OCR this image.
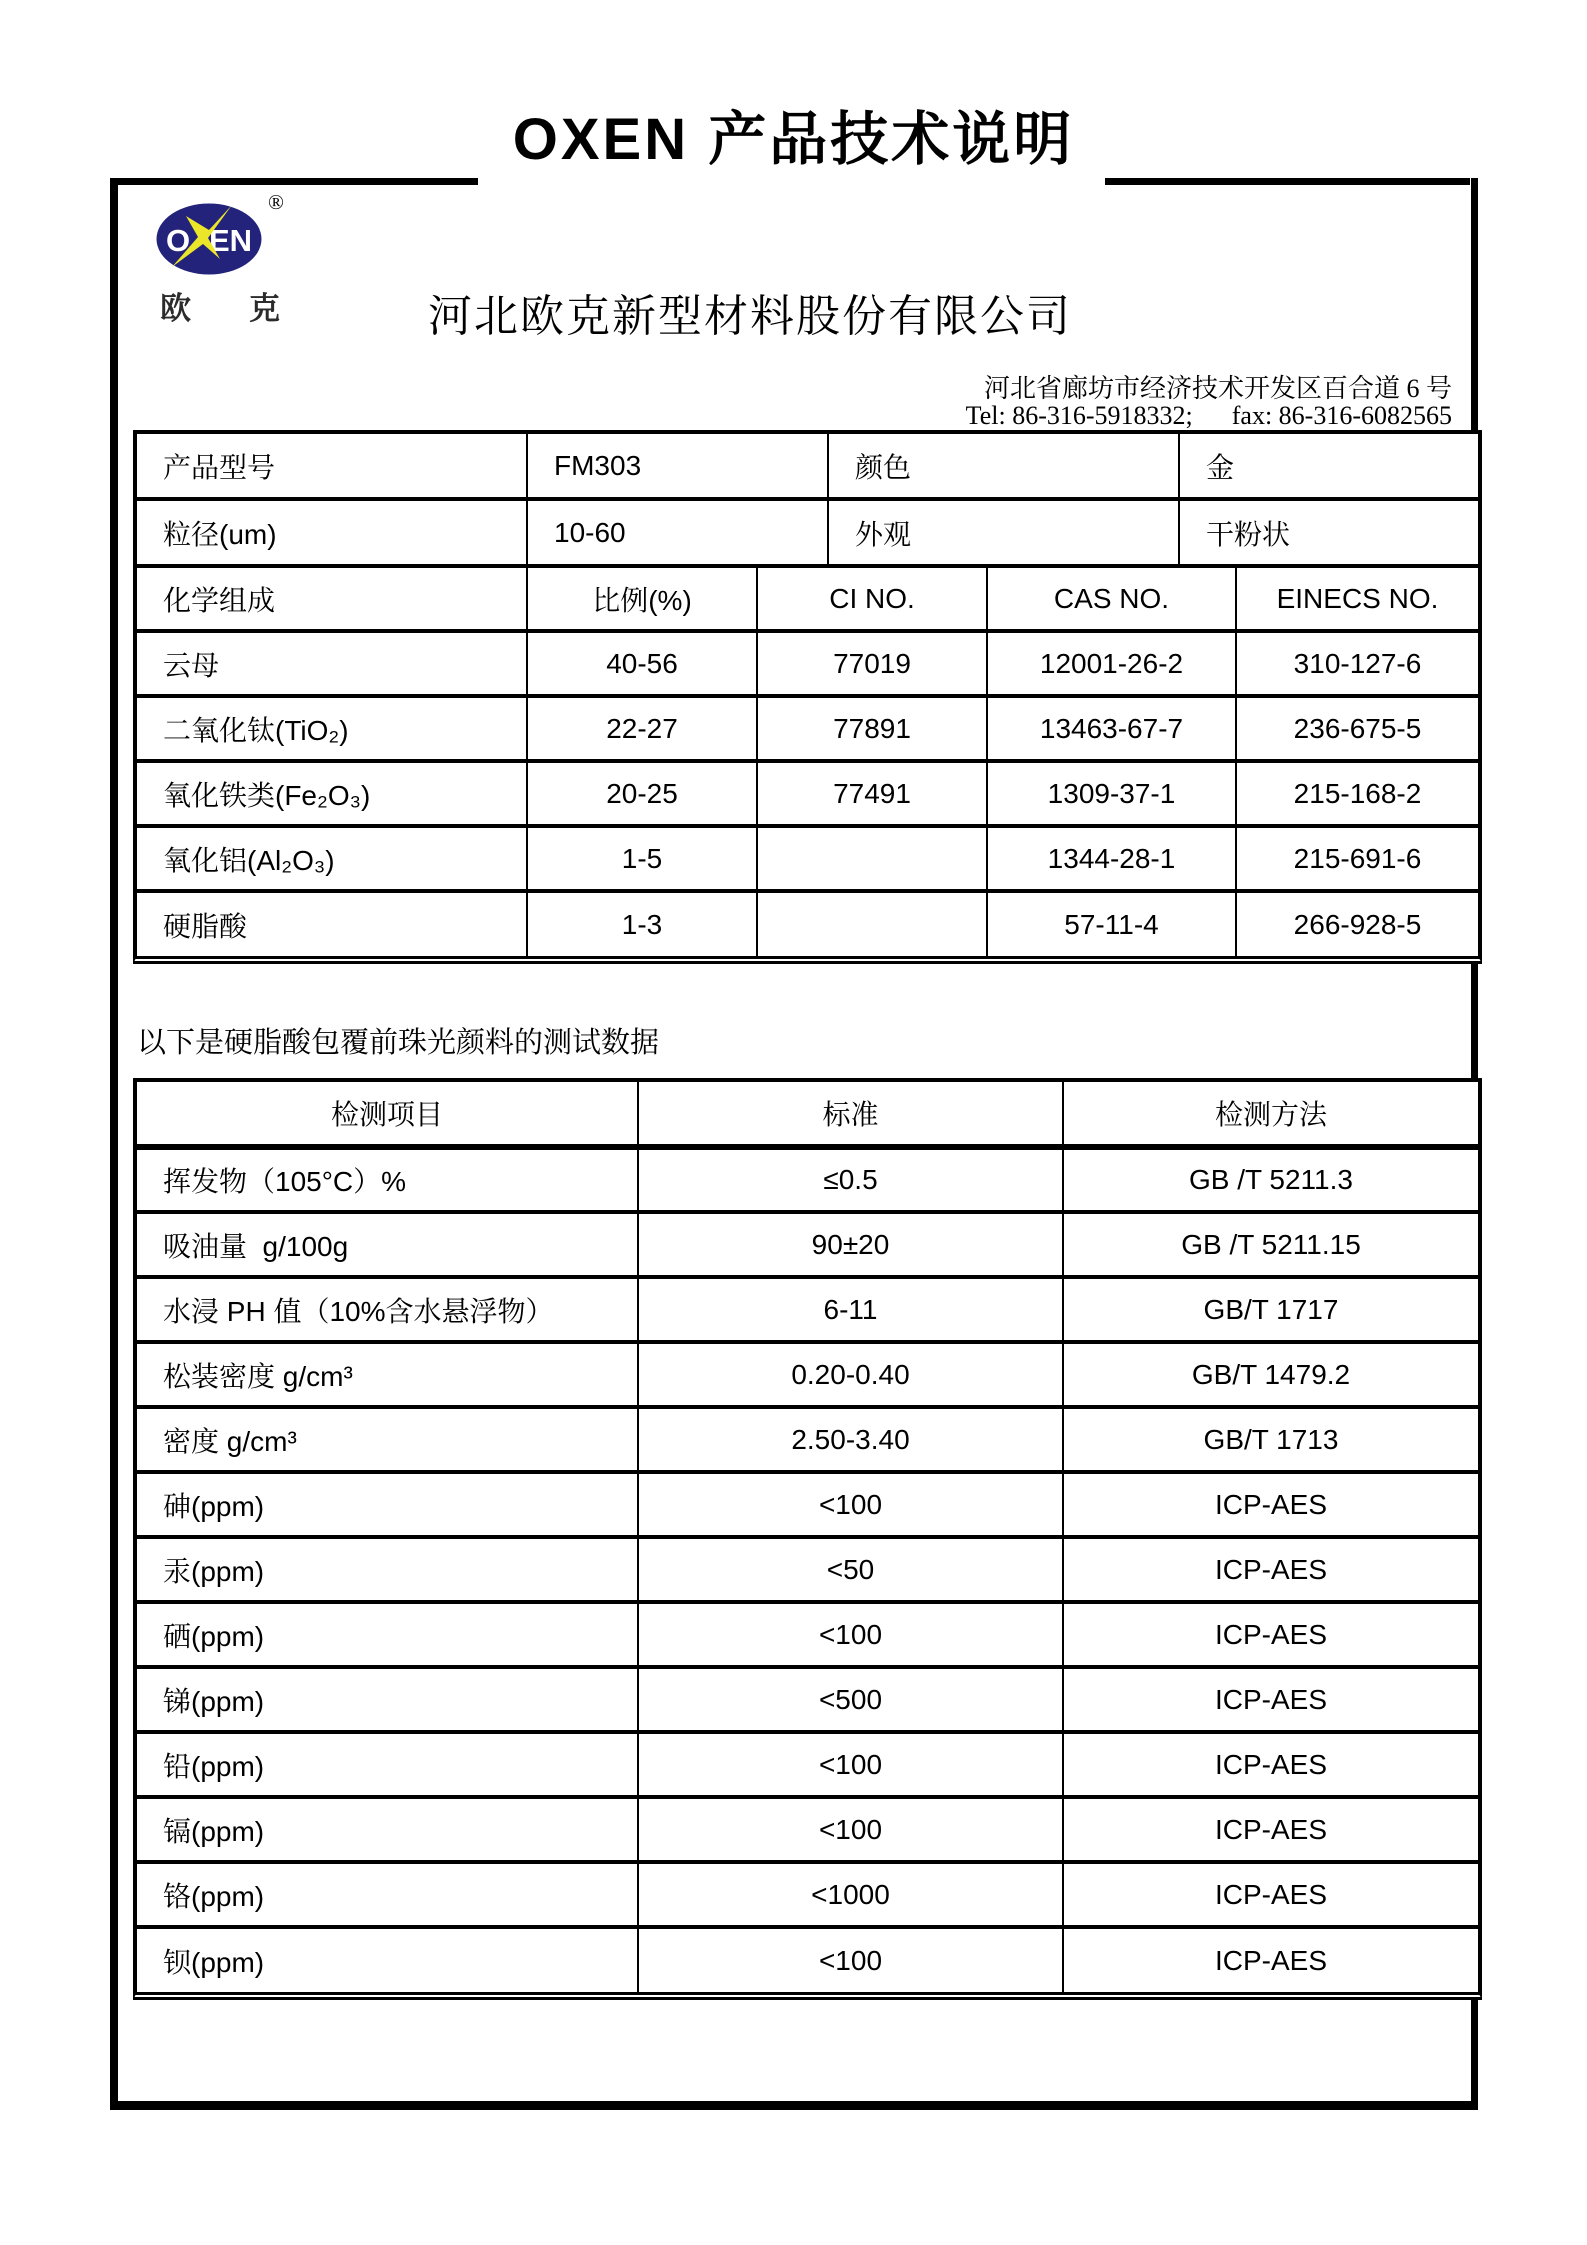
OXEN 产品技术说明
O EN
®
欧克	河北欧克新型材料股份有限公司
河北省廊坊市经济技术开发区百合道 6 号
Tel: 86-316-5918332;      fax: 86-316-6082565
产品型号	FM303	颜色	金
粒径(um)	10-60	外观	干粉状
化学组成	比例(%)	CI NO.	CAS NO.	EINECS NO.
云母	40-56	77019	12001-26-2	310-127-6
二氧化钛(TiO₂)	22-27	77891	13463-67-7	236-675-5
氧化铁类(Fe₂O₃)	20-25	77491	1309-37-1	215-168-2
氧化铝(Al₂O₃)	1-5		1344-28-1	215-691-6
硬脂酸	1-3		57-11-4	266-928-5
以下是硬脂酸包覆前珠光颜料的测试数据
检测项目	标准	检测方法
挥发物（105°C）%	≤0.5	GB /T 5211.3
吸油量  g/100g	90±20	GB /T 5211.15
水浸 PH 值（10%含水悬浮物）	6-11	GB/T 1717
松装密度 g/cm³	0.20-0.40	GB/T 1479.2
密度 g/cm³	2.50-3.40	GB/T 1713
砷(ppm)	<100	ICP-AES
汞(ppm)	<50	ICP-AES
硒(ppm)	<100	ICP-AES
锑(ppm)	<500	ICP-AES
铅(ppm)	<100	ICP-AES
镉(ppm)	<100	ICP-AES
铬(ppm)	<1000	ICP-AES
钡(ppm)	<100	ICP-AES
